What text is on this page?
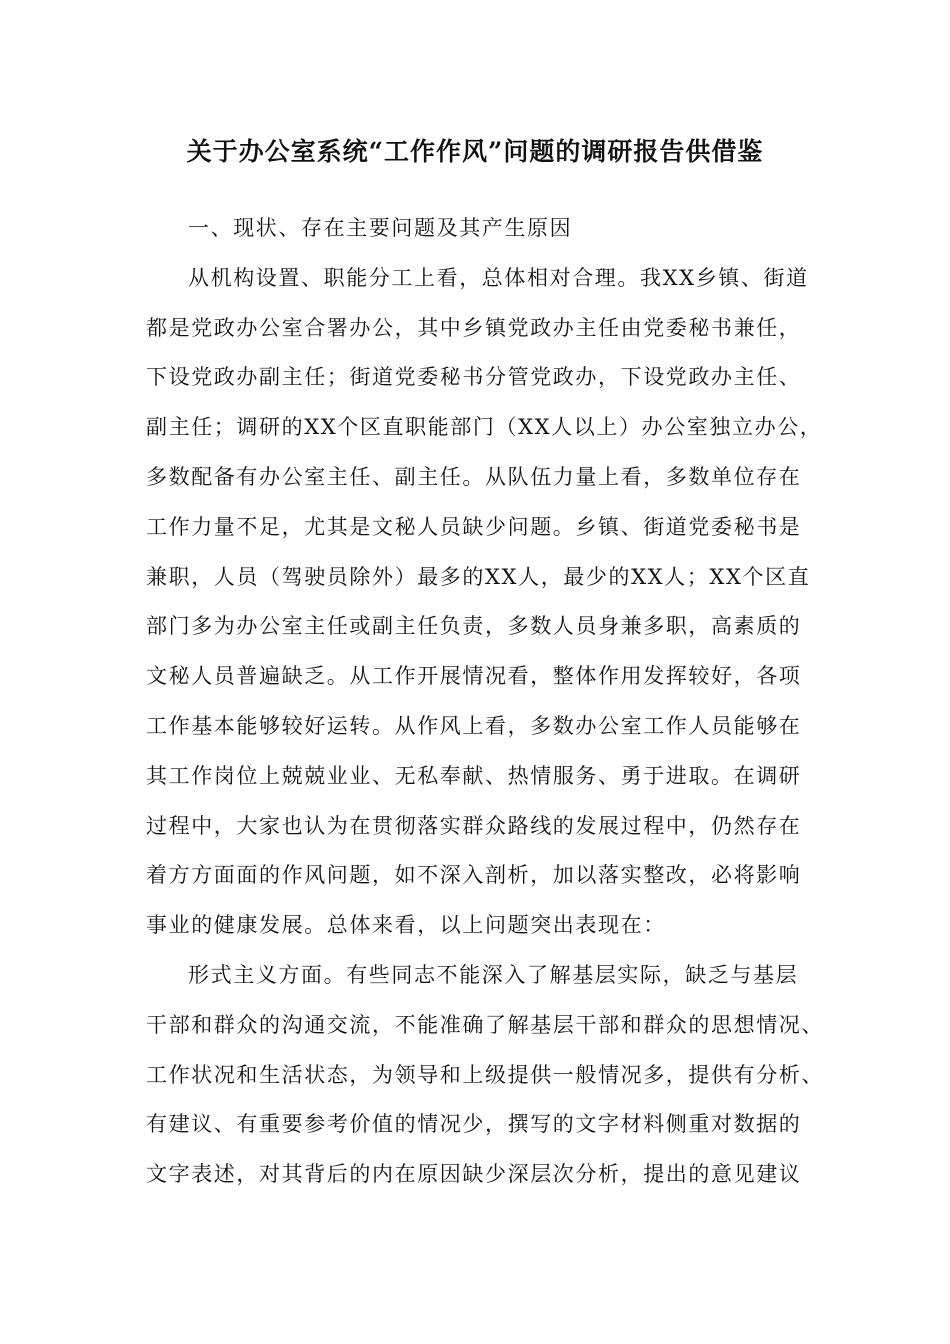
关于办公室系统“工作作风”问题的调研报告供借鉴
一、现状、存在主要问题及其产生原因
从机构设置、职能分工上看，总体相对合理。我XX乡镇、街道
都是党政办公室合署办公，其中乡镇党政办主任由党委秘书兼任，
下设党政办副主任；街道党委秘书分管党政办，下设党政办主任、
副主任；调研的XX个区直职能部门（XX人以上）办公室独立办公，
多数配备有办公室主任、副主任。从队伍力量上看，多数单位存在
工作力量不足，尤其是文秘人员缺少问题。乡镇、街道党委秘书是
兼职，人员（驾驶员除外）最多的XX人，最少的XX人；XX个区直
部门多为办公室主任或副主任负责，多数人员身兼多职，高素质的
文秘人员普遍缺乏。从工作开展情况看，整体作用发挥较好，各项
工作基本能够较好运转。从作风上看，多数办公室工作人员能够在
其工作岗位上兢兢业业、无私奉献、热情服务、勇于进取。在调研
过程中，大家也认为在贯彻落实群众路线的发展过程中，仍然存在
着方方面面的作风问题，如不深入剖析，加以落实整改，必将影响
事业的健康发展。总体来看，以上问题突出表现在：
形式主义方面。有些同志不能深入了解基层实际，缺乏与基层
干部和群众的沟通交流，不能准确了解基层干部和群众的思想情况、
工作状况和生活状态，为领导和上级提供一般情况多，提供有分析、
有建议、有重要参考价值的情况少，撰写的文字材料侧重对数据的
文字表述，对其背后的内在原因缺少深层次分析，提出的意见建议
